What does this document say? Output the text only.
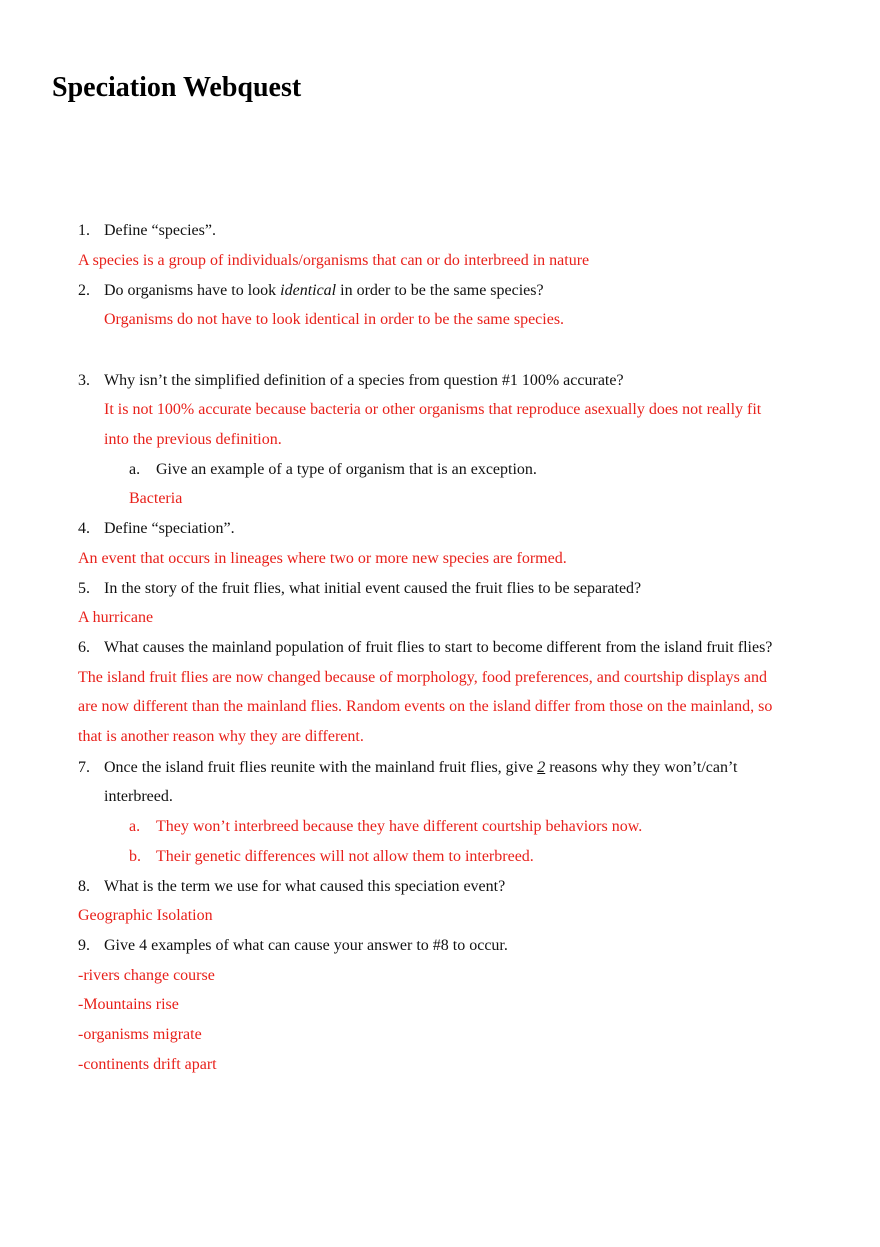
Speciation Webquest
1. Define “species”.
A species is a group of individuals/organisms that can or do interbreed in nature
2. Do organisms have to look identical in order to be the same species?
Organisms do not have to look identical in order to be the same species.
3. Why isn’t the simplified definition of a species from question #1 100% accurate?
It is not 100% accurate because bacteria or other organisms that reproduce asexually does not really fit
into the previous definition.
a. Give an example of a type of organism that is an exception.
Bacteria
4. Define “speciation”.
An event that occurs in lineages where two or more new species are formed.
5. In the story of the fruit flies, what initial event caused the fruit flies to be separated?
A hurricane
6. What causes the mainland population of fruit flies to start to become different from the island fruit flies?
The island fruit flies are now changed because of morphology, food preferences, and courtship displays and
are now different than the mainland flies. Random events on the island differ from those on the mainland, so
that is another reason why they are different.
7. Once the island fruit flies reunite with the mainland fruit flies, give 2 reasons why they won’t/can’t
interbreed.
a. They won’t interbreed because they have different courtship behaviors now.
b. Their genetic differences will not allow them to interbreed.
8. What is the term we use for what caused this speciation event?
Geographic Isolation
9. Give 4 examples of what can cause your answer to #8 to occur.
-rivers change course
-Mountains rise
-organisms migrate
-continents drift apart
